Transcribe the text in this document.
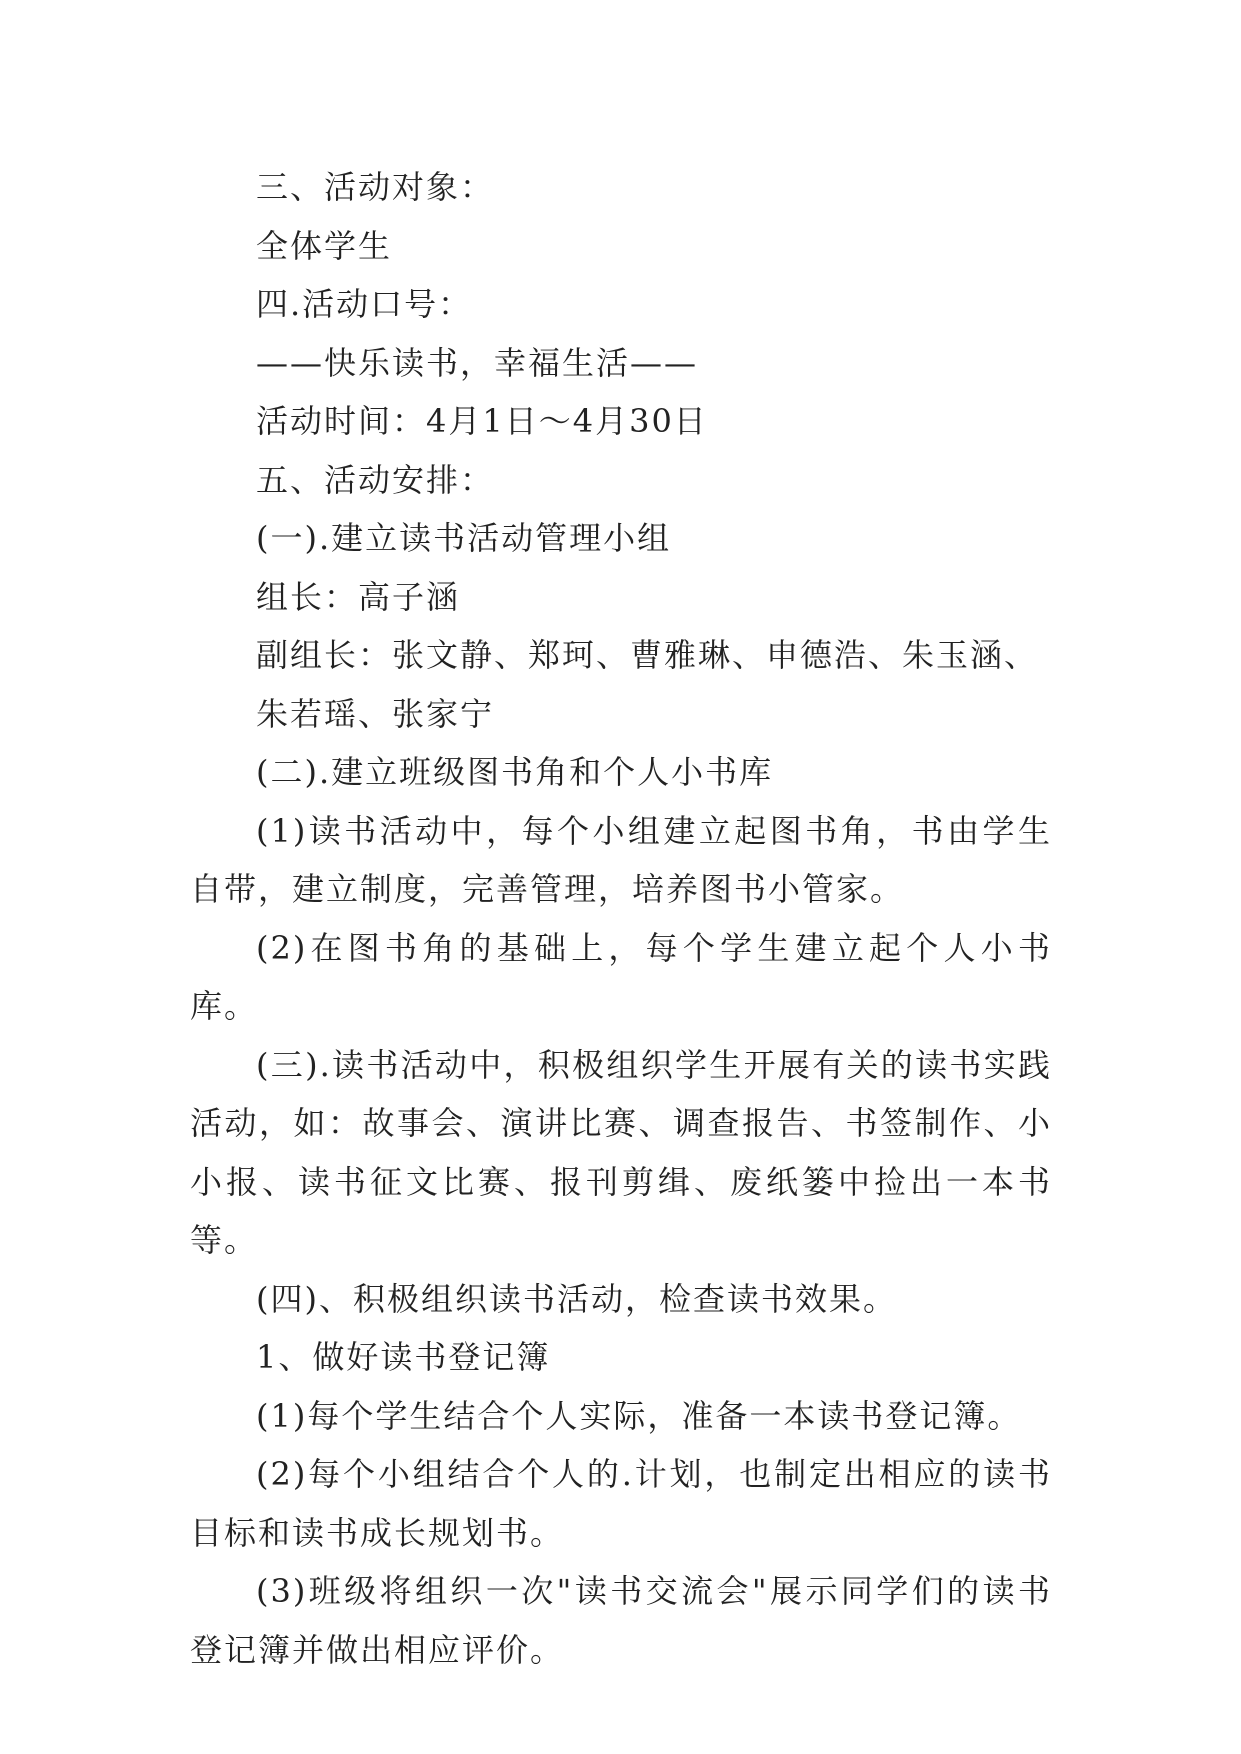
三、活动对象：

全体学生

四.活动口号：

——快乐读书，幸福生活——

活动时间：4月1日～4月30日

五、活动安排：

(一).建立读书活动管理小组

组长：高子涵

副组长：张文静、郑珂、曹雅琳、申德浩、朱玉涵、

朱若瑶、张家宁

(二).建立班级图书角和个人小书库

(1)读书活动中，每个小组建立起图书角，书由学生自带，建立制度，完善管理，培养图书小管家。

(2)在图书角的基础上，每个学生建立起个人小书库。

(三).读书活动中，积极组织学生开展有关的读书实践活动，如：故事会、演讲比赛、调查报告、书签制作、小小报、读书征文比赛、报刊剪缉、废纸篓中捡出一本书等。

(四)、积极组织读书活动，检查读书效果。

1、做好读书登记簿

(1)每个学生结合个人实际，准备一本读书登记簿。

(2)每个小组结合个人的.计划，也制定出相应的读书目标和读书成长规划书。

(3)班级将组织一次"读书交流会"展示同学们的读书登记簿并做出相应评价。
